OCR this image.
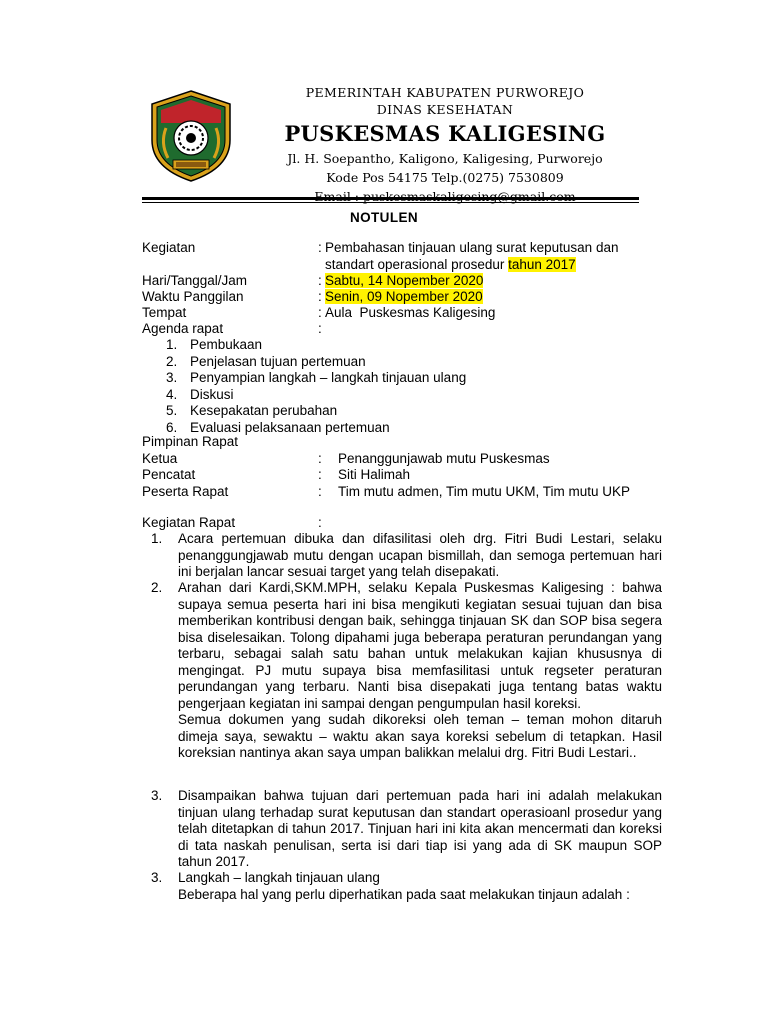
PEMERINTAH KABUPATEN PURWOREJO
DINAS KESEHATAN
PUSKESMAS KALIGESING
Jl. H. Soepantho, Kaligono, Kaligesing, Purworejo
Kode Pos 54175 Telp.(0275) 7530809
NOTULEN
Kegiatan	: Pembahasan tinjauan ulang surat keputusan dan standart operasional prosedur tahun 2017
Hari/Tanggal/Jam	: Sabtu, 14 Nopember 2020
Waktu Panggilan	: Senin, 09 Nopember 2020
Tempat	: Aula  Puskesmas Kaligesing
Agenda rapat	:
1. Pembukaan
2. Penjelasan tujuan pertemuan
3. Penyampian langkah – langkah tinjauan ulang
4. Diskusi
5. Kesepakatan perubahan
6. Evaluasi pelaksanaan pertemuan
Pimpinan Rapat
Ketua	: Penanggunjawab mutu Puskesmas
Pencatat	: Siti Halimah
Peserta Rapat	: Tim mutu admen, Tim mutu UKM, Tim mutu UKP
Kegiatan Rapat	:
1. Acara pertemuan dibuka dan difasilitasi oleh drg. Fitri Budi Lestari, selaku penanggungjawab mutu dengan ucapan bismillah, dan semoga pertemuan hari ini berjalan lancar sesuai target yang telah disepakati.
2. Arahan dari Kardi,SKM.MPH, selaku Kepala Puskesmas Kaligesing : bahwa supaya semua peserta hari ini bisa mengikuti kegiatan sesuai tujuan dan bisa memberikan kontribusi dengan baik, sehingga tinjauan SK dan SOP bisa segera bisa diselesaikan. Tolong dipahami juga beberapa peraturan perundangan yang terbaru, sebagai salah satu bahan untuk melakukan kajian khususnya di mengingat. PJ mutu supaya bisa memfasilitasi untuk regseter peraturan perundangan yang terbaru. Nanti bisa disepakati juga tentang batas waktu pengerjaan kegiatan ini sampai dengan pengumpulan hasil koreksi.
Semua dokumen yang sudah dikoreksi oleh teman – teman mohon ditaruh dimeja saya, sewaktu – waktu akan saya koreksi sebelum di tetapkan. Hasil koreksian nantinya akan saya umpan balikkan melalui drg. Fitri Budi Lestari..
3. Disampaikan bahwa tujuan dari pertemuan pada hari ini adalah melakukan tinjuan ulang terhadap surat keputusan dan standart operasioanl prosedur yang telah ditetapkan di tahun 2017. Tinjuan hari ini kita akan mencermati dan koreksi di tata naskah penulisan, serta isi dari tiap isi yang ada di SK maupun SOP tahun 2017.
3. Langkah – langkah tinjauan ulang
Beberapa hal yang perlu diperhatikan pada saat melakukan tinjaun adalah :
